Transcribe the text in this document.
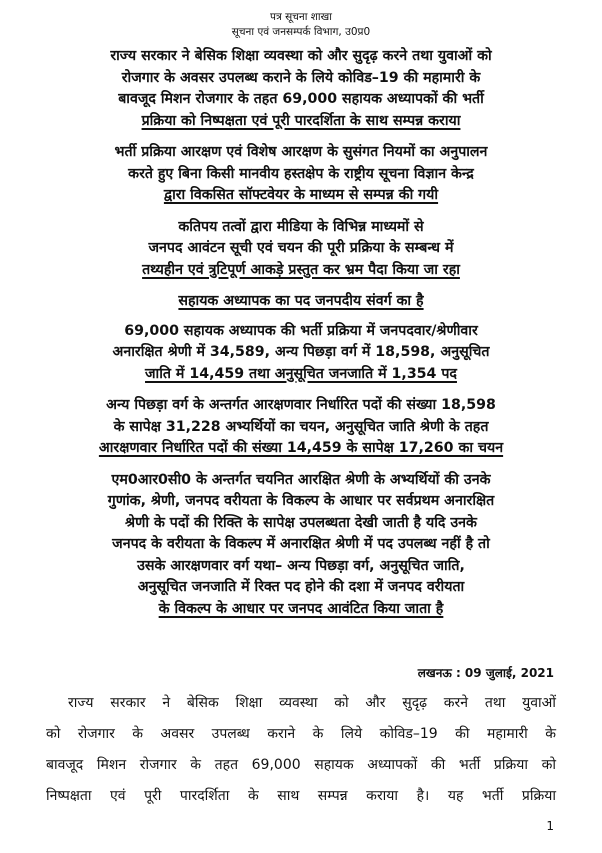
पत्र सूचना शाखा
सूचना एवं जनसम्पर्क विभाग, उ0प्र0
राज्य सरकार ने बेसिक शिक्षा व्यवस्था को और सुदृढ़ करने तथा युवाओं को
रोजगार के अवसर उपलब्ध कराने के लिये कोविड–19 की महामारी के
बावजूद मिशन रोजगार के तहत 69,000 सहायक अध्यापकों की भर्ती
प्रक्रिया को निष्पक्षता एवं पूरी पारदर्शिता के साथ सम्पन्न कराया
भर्ती प्रक्रिया आरक्षण एवं विशेष आरक्षण के सुसंगत नियमों का अनुपालन
करते हुए बिना किसी मानवीय हस्तक्षेप के राष्ट्रीय सूचना विज्ञान केन्द्र
द्वारा विकसित सॉफ्टवेयर के माध्यम से सम्पन्न की गयी
कतिपय तत्वों द्वारा मीडिया के विभिन्न माध्यमों से
जनपद आवंटन सूची एवं चयन की पूरी प्रक्रिया के सम्बन्ध में
तथ्यहीन एवं त्रुटिपूर्ण आकड़े प्रस्तुत कर भ्रम पैदा किया जा रहा
सहायक अध्यापक का पद जनपदीय संवर्ग का है
69,000 सहायक अध्यापक की भर्ती प्रक्रिया में जनपदवार/श्रेणीवार
अनारक्षित श्रेणी में 34,589, अन्य पिछड़ा वर्ग में 18,598, अनुसूचित
जाति में 14,459 तथा अनुसूचित जनजाति में 1,354 पद
अन्य पिछड़ा वर्ग के अन्तर्गत आरक्षणवार निर्धारित पदों की संख्या 18,598
के सापेक्ष 31,228 अभ्यर्थियों का चयन, अनुसूचित जाति श्रेणी के तहत
आरक्षणवार निर्धारित पदों की संख्या 14,459 के सापेक्ष 17,260 का चयन
एम0आर0सी0 के अन्तर्गत चयनित आरक्षित श्रेणी के अभ्यर्थियों की उनके
गुणांक, श्रेणी, जनपद वरीयता के विकल्प के आधार पर सर्वप्रथम अनारक्षित
श्रेणी के पदों की रिक्ति के सापेक्ष उपलब्धता देखी जाती है यदि उनके
जनपद के वरीयता के विकल्प में अनारक्षित श्रेणी में पद उपलब्ध नहीं है तो
उसके आरक्षणवार वर्ग यथा– अन्य पिछड़ा वर्ग, अनुसूचित जाति,
अनुसूचित जनजाति में रिक्त पद होने की दशा में जनपद वरीयता
के विकल्प के आधार पर जनपद आवंटित किया जाता है
लखनऊ : 09 जुलाई, 2021
राज्य सरकार ने बेसिक शिक्षा व्यवस्था को और सुदृढ़ करने तथा युवाओं
को रोजगार के अवसर उपलब्ध कराने के लिये कोविड–19 की महामारी के
बावजूद मिशन रोजगार के तहत 69,000 सहायक अध्यापकों की भर्ती प्रक्रिया को
निष्पक्षता एवं पूरी पारदर्शिता के साथ सम्पन्न कराया है। यह भर्ती प्रक्रिया
1
